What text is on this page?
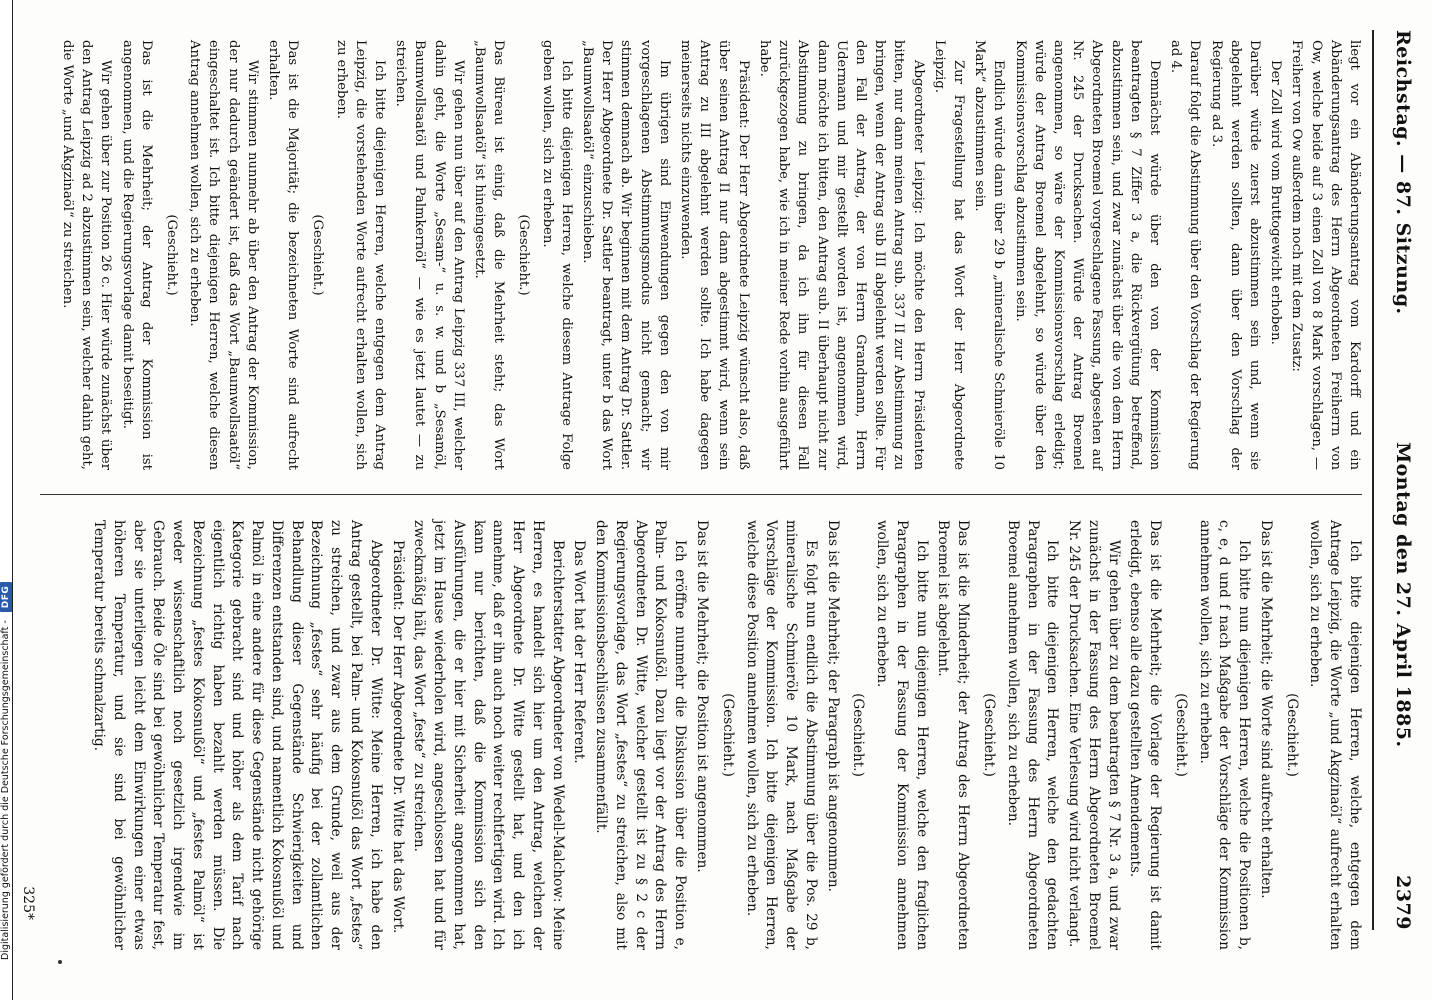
Digitalisierung gefördert durch die Deutsche Forschungsgemeinschaft -DFG
Reichstag. — 87. Sitzung.
Montag den 27. April 1885.
2379

liegt vor ein Abänderungsantrag vom Kardorff und ein Abänderungsantrag des Herrn Abgeordneten Freiherrn von Ow, welche beide auf 3 einen Zoll von 8 Mark vorschlagen, — Freiherr von Ow außerdem noch mit dem Zusatz:

Der Zoll wird vom Bruttogewicht erhoben.

Darüber würde zuerst abzustimmen sein und, wenn sie abgelehnt werden sollten, dann über den Vorschlag der Regierung ad 3.

Darauf folgt die Abstimmung über den Vorschlag der Regierung ad 4.

Demnächst würde über den von der Kommission beantragten § 7 Ziffer 3 a, die Rückvergütung betreffend, abzustimmen sein, und zwar zunächst über die von dem Herrn Abgeordneten Broemel vorgeschlagene Fassung, abgesehen auf Nr. 245 der Drucksachen. Würde der Antrag Broemel angenommen, so wäre der Kommissionsvorschlag erledigt; würde der Antrag Broemel abgelehnt, so würde über den Kommissionsvorschlag abzustimmen sein.

Endlich würde dann über 29 b „mineralische Schmieröle 10 Mark“ abzustimmen sein.

Zur Fragestellung hat das Wort der Herr Abgeordnete Leipzig.

Abgeordneter Leipzig: Ich möchte den Herrn Präsidenten bitten, nur dann meinen Antrag sub. 337 II zur Abstimmung zu bringen, wenn der Antrag sub III abgelehnt werden sollte. Für den Fall der Antrag, der von Herrn Grandmann, Herrn Udermann und mir gestellt worden ist, angenommen wird, dann möchte ich bitten, den Antrag sub. II überhaupt nicht zur Abstimmung zu bringen, da ich ihn für diesen Fall zurückgezogen habe, wie ich in meiner Rede vorhin ausgeführt habe.

Präsident: Der Herr Abgeordnete Leipzig wünscht also, daß über seinen Antrag II nur dann abgestimmt wird, wenn sein Antrag zu III abgelehnt werden sollte. Ich habe dagegen meinerseits nichts einzuwenden.

Im übrigen sind Einwendungen gegen den von mir vorgeschlagenen Abstimmungsmodus nicht gemacht; wir stimmen demnach ab. Wir beginnen mit dem Antrag Dr. Sattler. Der Herr Abgeordnete Dr. Sattler beantragt, unter b das Wort „Baumwollsaatöl“ einzuschieben.

Ich bitte diejenigen Herren, welche diesem Antrage Folge geben wollen, sich zu erheben.

(Geschieht.)

Das Büreau ist einig, daß die Mehrheit steht; das Wort „Baumwollsaatöl“ ist hineingesetzt.

Wir gehen nun über auf den Antrag Leipzig 337 III, welcher dahin geht, die Worte „Sesam-“ u. s. w. und b „Sesamöl, Baumwollsaatöl und Palmkernöl“ — wie es jetzt lautet — zu streichen.

Ich bitte diejenigen Herren, welche entgegen dem Antrag Leipzig, die vorstehenden Worte aufrecht erhalten wollen, sich zu erheben.

(Geschieht.)

Das ist die Majorität; die bezeichneten Worte sind aufrecht erhalten.

Wir stimmen nunmehr ab über den Antrag der Kommission, der nur dadurch geändert ist, daß das Wort „Baumwollsaatöl“ eingeschaltet ist. Ich bitte diejenigen Herren, welche diesen Antrag annehmen wollen, sich zu erheben.

(Geschieht.)

Das ist die Mehrheit; der Antrag der Kommission ist angenommen, und die Regierungsvorlage damit beseitigt.

Wir gehen über zur Position 26 c. Hier würde zunächst über den Antrag Leipzig ad 2 abzustimmen sein, welcher dahin geht, die Worte „und Akgzinaöl“ zu streichen.

Ich bitte diejenigen Herren, welche, entgegen dem Antrage Leipzig, die Worte „und Akgzinaöl“ aufrecht erhalten wollen, sich zu erheben.

(Geschieht.)

Das ist die Mehrheit; die Worte sind aufrecht erhalten.

Ich bitte nun diejenigen Herren, welche die Positionen b, c, e, d und f nach Maßgabe der Vorschläge der Kommission annehmen wollen, sich zu erheben.

(Geschieht.)

Das ist die Mehrheit; die Vorlage der Regierung ist damit erledigt, ebenso alle dazu gestellten Amendements.

Wir gehen über zu dem beantragten § 7 Nr. 3 a, und zwar zunächst in der Fassung des Herrn Abgeordneten Broemel Nr. 245 der Drucksachen. Eine Verlesung wird nicht verlangt.

Ich bitte diejenigen Herren, welche den gedachten Paragraphen in der Fassung des Herrn Abgeordneten Broemel annehmen wollen, sich zu erheben.

(Geschieht.)

Das ist die Minderheit; der Antrag des Herrn Abgeordneten Broemel ist abgelehnt.

Ich bitte nun diejenigen Herren, welche den fraglichen Paragraphen in der Fassung der Kommission annehmen wollen, sich zu erheben.

(Geschieht.)

Das ist die Mehrheit; der Paragraph ist angenommen.

Es folgt nun endlich die Abstimmung über die Pos. 29 b, mineralische Schmieröle 10 Mark, nach Maßgabe der Vorschläge der Kommission. Ich bitte diejenigen Herren, welche diese Position annehmen wollen, sich zu erheben.

(Geschieht.)

Das ist die Mehrheit; die Position ist angenommen.

Ich eröffne nunmehr die Diskussion über die Position e, Palm- und Kokosnußöl. Dazu liegt vor der Antrag des Herrn Abgeordneten Dr. Witte, welcher gestellt ist zu § 2 c der Regierungsvorlage, das Wort „festes“ zu streichen, also mit den Kommissionsbeschlüssen zusammenfällt.

Das Wort hat der Herr Referent.

Berichterstatter Abgeordneter von Wedell-Malchow: Meine Herren, es handelt sich hier um den Antrag, welchen der Herr Abgeordnete Dr. Witte gestellt hat, und den ich annehme, daß er ihn auch noch weiter rechtfertigen wird. Ich kann nur berichten, daß die Kommission sich den Ausführungen, die er hier mit Sicherheit angenommen hat, jetzt im Hause wiederholen wird, angeschlossen hat und für zweckmäßig hält, das Wort „feste“ zu streichen.

Präsident: Der Herr Abgeordnete Dr. Witte hat das Wort.

Abgeordneter Dr. Witte: Meine Herren, ich habe den Antrag gestellt, bei Palm- und Kokosnußöl das Wort „festes“ zu streichen, und zwar aus dem Grunde, weil aus der Bezeichnung „festes“ sehr häufig bei der zollamtlichen Behandlung dieser Gegenstände Schwierigkeiten und Differenzen entstanden sind, und namentlich Kokosnußöl und Palmöl in eine andere für diese Gegenstände nicht gehörige Kategorie gebracht sind und höher als dem Tarif nach eigentlich richtig haben bezahlt werden müssen. Die Bezeichnung „festes Kokosnußöl“ und „festes Palmöl“ ist weder wissenschaftlich noch gesetzlich irgendwie im Gebrauch. Beide Öle sind bei gewöhnlicher Temperatur fest, aber sie unterliegen leicht dem Einwirkungen einer etwas höheren Temperatur, und sie sind bei gewöhnlicher Temperatur bereits schmalzartig.

325*
